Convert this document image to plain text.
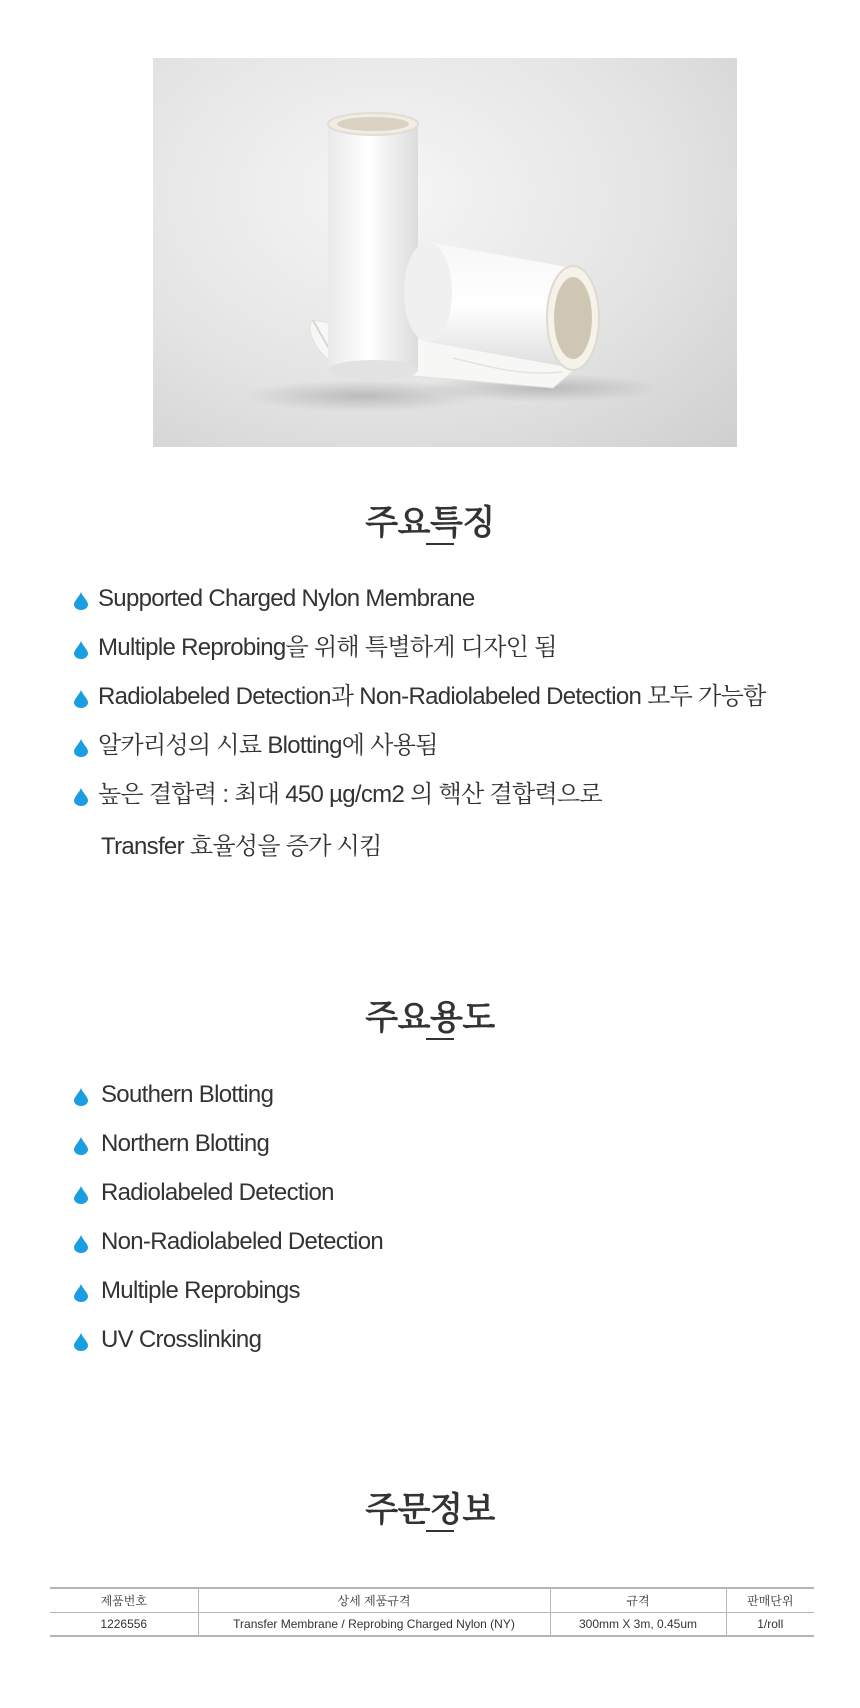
주요특징
Supported Charged Nylon Membrane
Multiple Reprobing을 위해 특별하게 디자인 됨
Radiolabeled Detection과 Non-Radiolabeled Detection 모두 가능함
알카리성의 시료 Blotting에 사용됨
높은 결합력 : 최대 450 µg/cm2 의 핵산 결합력으로
Transfer 효율성을 증가 시킴
주요용도
Southern Blotting
Northern Blotting
Radiolabeled Detection
Non-Radiolabeled Detection
Multiple Reprobings
UV Crosslinking
주문정보
제품번호	상세 제품규격	규격	판매단위
1226556	Transfer Membrane / Reprobing Charged Nylon (NY)	300mm X 3m, 0.45um	1/roll
